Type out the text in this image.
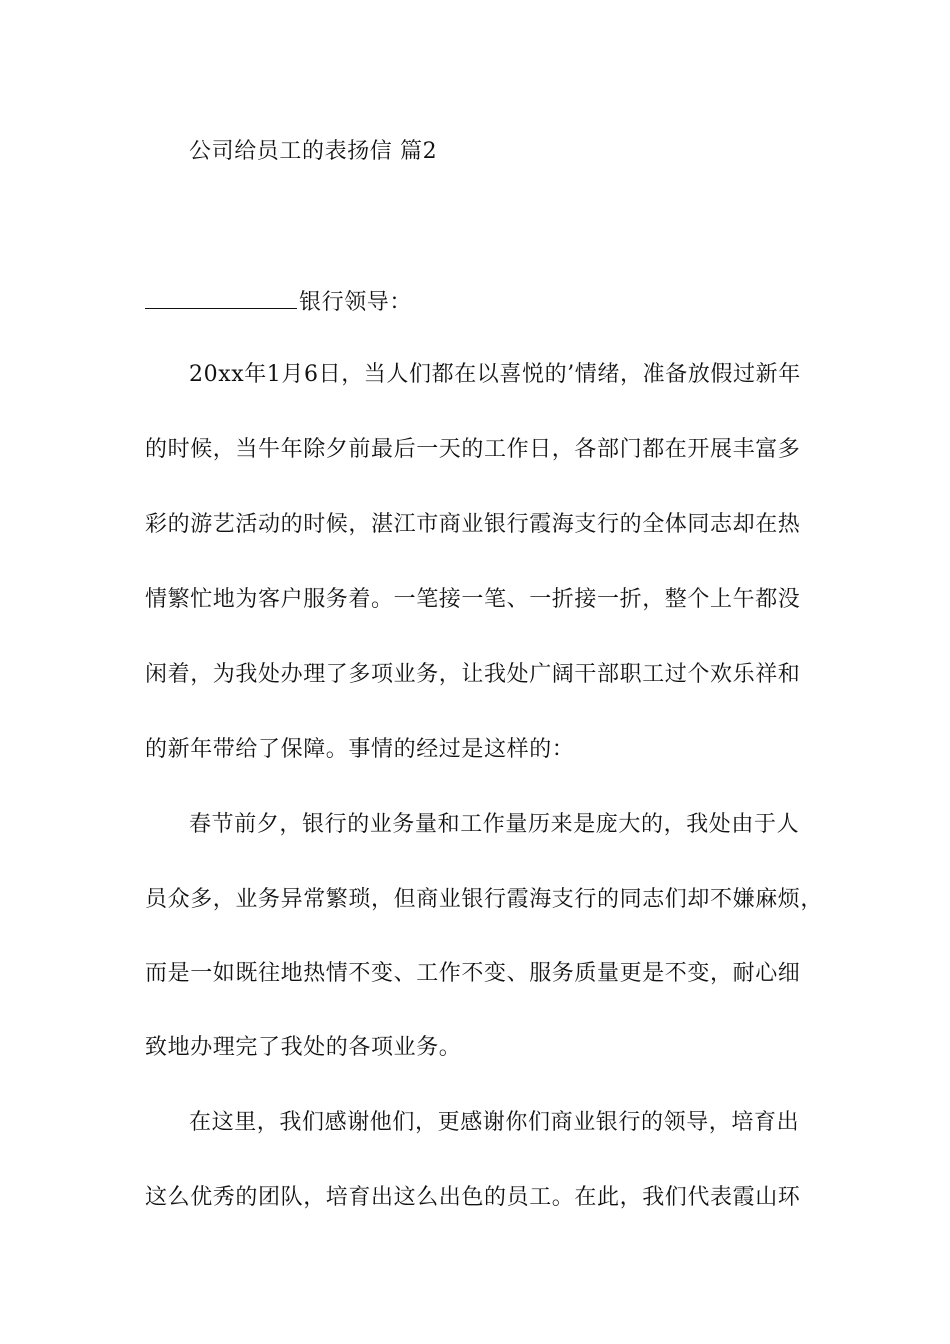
公司给员工的表扬信 篇2
银行领导：
20xx年1月6日，当人们都在以喜悦的’情绪，准备放假过新年
的时候，当牛年除夕前最后一天的工作日，各部门都在开展丰富多
彩的游艺活动的时候，湛江市商业银行霞海支行的全体同志却在热
情繁忙地为客户服务着。一笔接一笔、一折接一折，整个上午都没
闲着，为我处办理了多项业务，让我处广阔干部职工过个欢乐祥和
的新年带给了保障。事情的经过是这样的：
春节前夕，银行的业务量和工作量历来是庞大的，我处由于人
员众多，业务异常繁琐，但商业银行霞海支行的同志们却不嫌麻烦，
而是一如既往地热情不变、工作不变、服务质量更是不变，耐心细
致地办理完了我处的各项业务。
在这里，我们感谢他们，更感谢你们商业银行的领导，培育出
这么优秀的团队，培育出这么出色的员工。在此，我们代表霞山环
